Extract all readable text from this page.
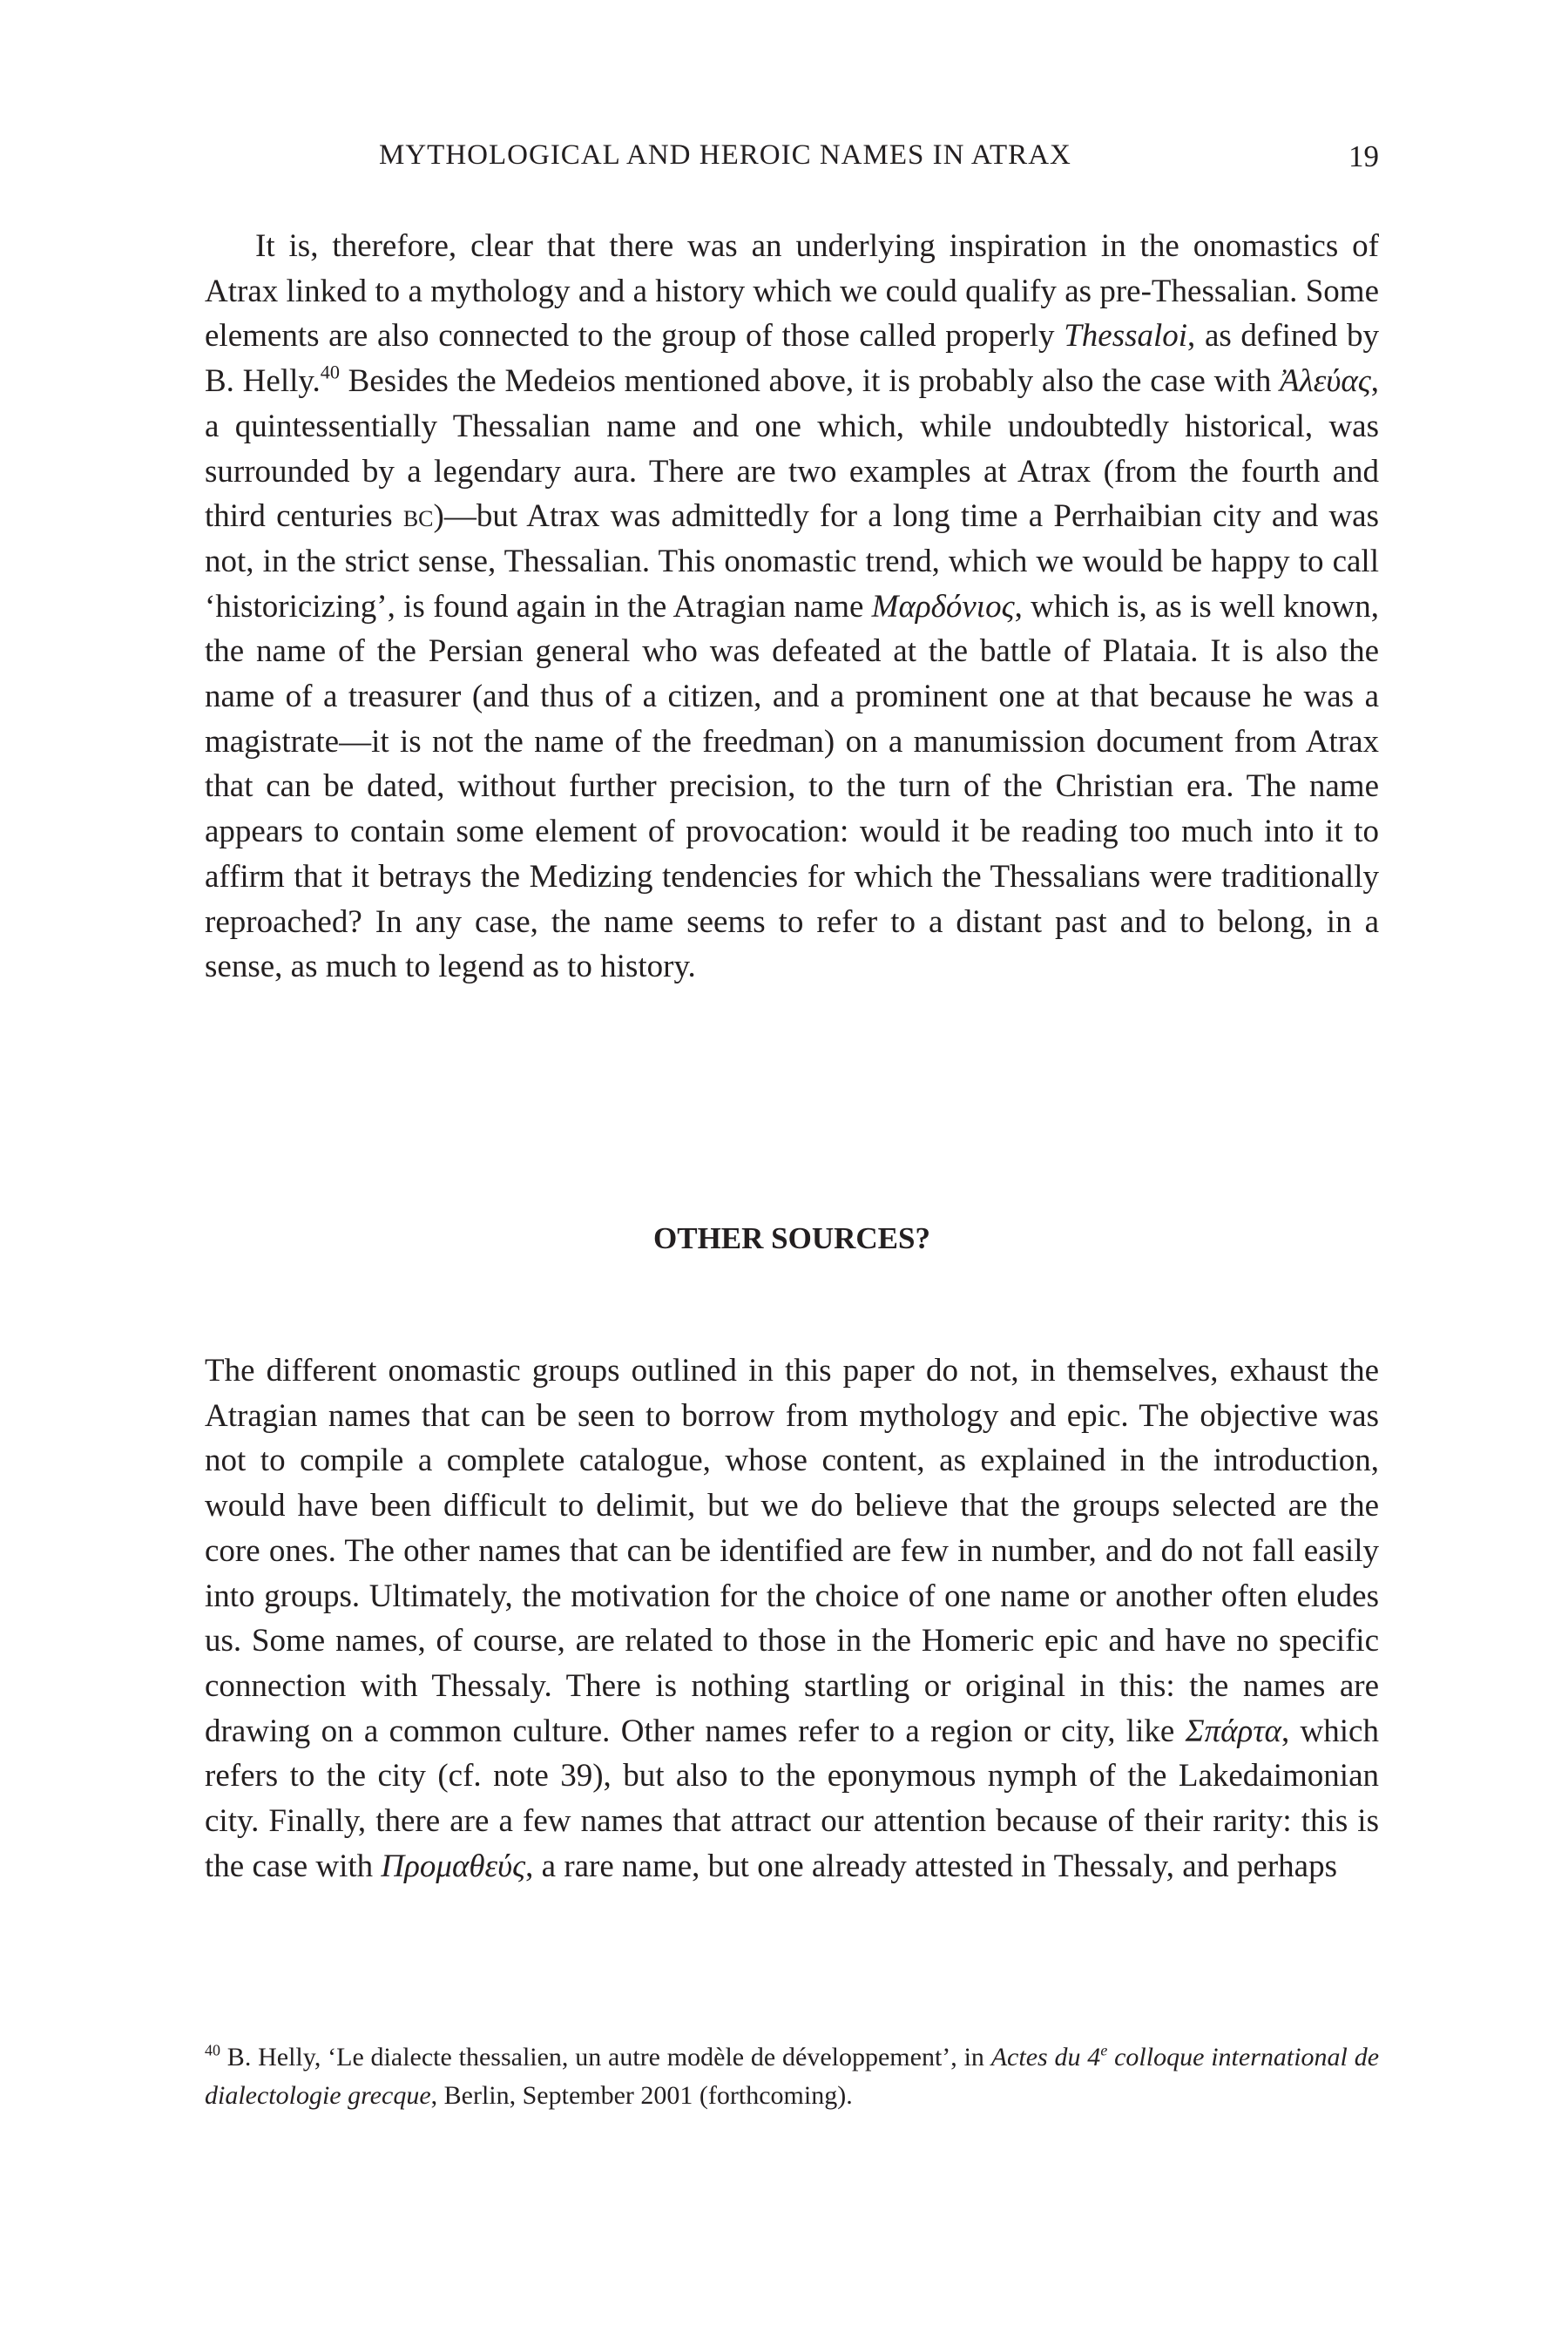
MYTHOLOGICAL AND HEROIC NAMES IN ATRAX	19

It is, therefore, clear that there was an underlying inspiration in the onomastics of Atrax linked to a mythology and a history which we could qualify as pre-Thessalian. Some elements are also connected to the group of those called properly Thessaloi, as defined by B. Helly.$^{40}$ Besides the Medeios mentioned above, it is probably also the case with Ἀλεύας, a quintessentially Thessalian name and one which, while undoubtedly historical, was surrounded by a legendary aura. There are two examples at Atrax (from the fourth and third centuries bc)—but Atrax was admittedly for a long time a Perrhaibian city and was not, in the strict sense, Thessalian. This onomastic trend, which we would be happy to call ‘historicizing’, is found again in the Atragian name Μαρδόνιος, which is, as is well known, the name of the Persian general who was defeated at the battle of Plataia. It is also the name of a treasurer (and thus of a citizen, and a prominent one at that because he was a magistrate—it is not the name of the freedman) on a manumission document from Atrax that can be dated, without further precision, to the turn of the Christian era. The name appears to contain some element of provocation: would it be reading too much into it to affirm that it betrays the Medizing tendencies for which the Thessalians were traditionally reproached? In any case, the name seems to refer to a distant past and to belong, in a sense, as much to legend as to history.

OTHER SOURCES?

The different onomastic groups outlined in this paper do not, in themselves, exhaust the Atragian names that can be seen to borrow from mythology and epic. The objective was not to compile a complete catalogue, whose content, as explained in the introduction, would have been difficult to delimit, but we do believe that the groups selected are the core ones. The other names that can be identified are few in number, and do not fall easily into groups. Ultimately, the motivation for the choice of one name or another often eludes us. Some names, of course, are related to those in the Homeric epic and have no specific connection with Thessaly. There is nothing startling or original in this: the names are drawing on a common culture. Other names refer to a region or city, like Σπάρτα, which refers to the city (cf. note 39), but also to the eponymous nymph of the Lakedaimonian city. Finally, there are a few names that attract our attention because of their rarity: this is the case with Προμαθεύς, a rare name, but one already attested in Thessaly, and perhaps

$^{40}$ B. Helly, ‘Le dialecte thessalien, un autre modèle de développement’, in Actes du 4e colloque international de dialectologie grecque, Berlin, September 2001 (forthcoming).
